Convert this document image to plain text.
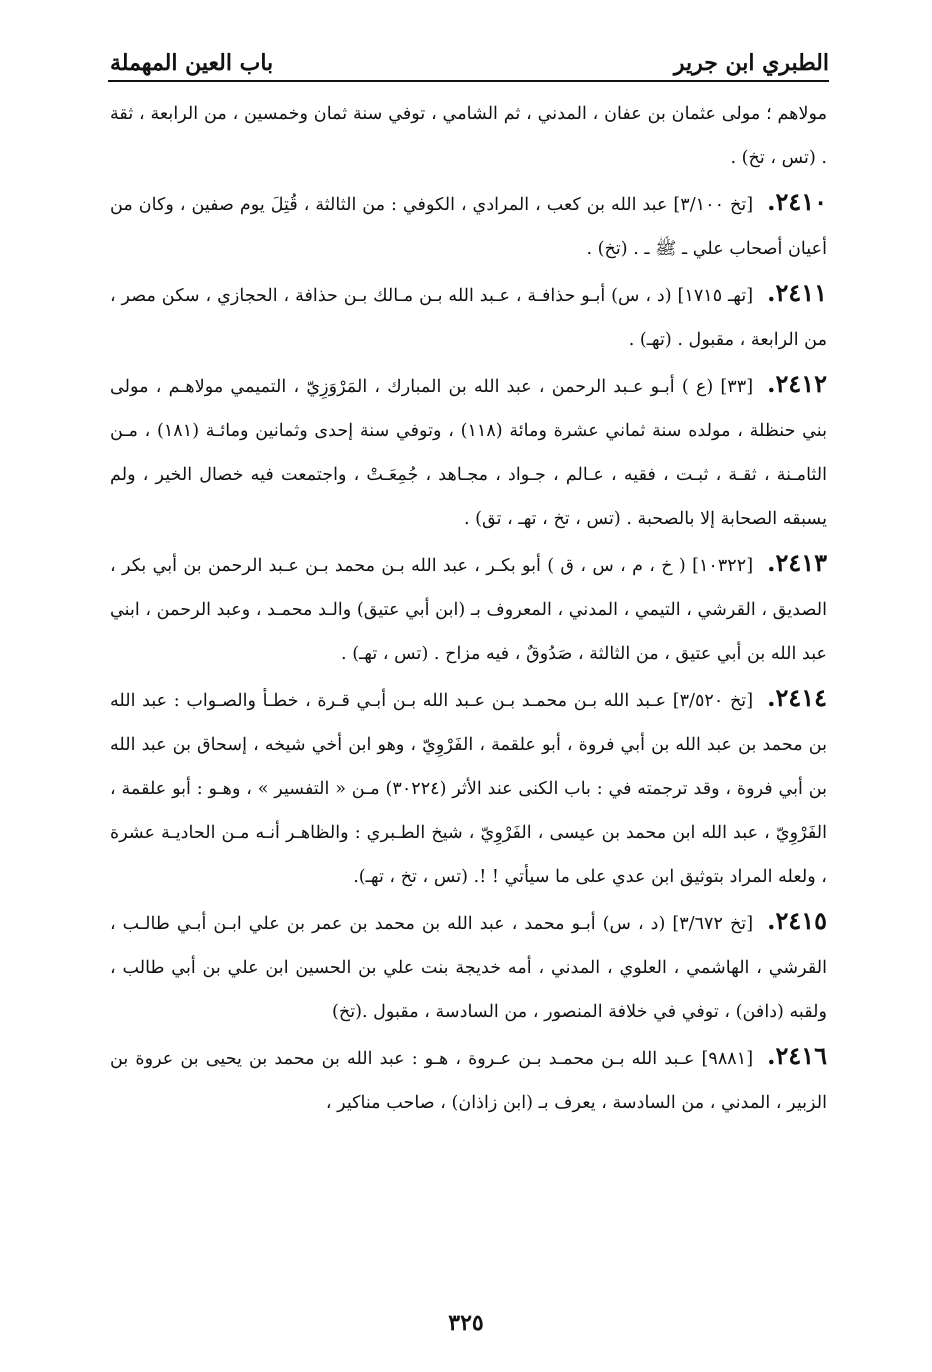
الطبري ابن جرير
باب العين المهملة

مولاهم ؛ مولى عثمان بن عفان ، المدني ، ثم الشامي ، توفي سنة ثمان وخمسين ، من الرابعة ، ثقة . (تس ، تخ) .

٢٤١٠.[تخ ٣/١٠٠] عبد الله بن كعب ، المرادي ، الكوفي : من الثالثة ، قُتِلَ يوم صفين ، وكان من أعيان أصحاب علي ـ ﷺ ـ . (تخ) .

٢٤١١.[تهـ ١٧١٥] (د ، س) أبـو حذافـة ، عـبد الله بـن مـالك بـن حذافة ، الحجازي ، سكن مصر ، من الرابعة ، مقبول . (تهـ) .

٢٤١٢.[٣٣] (ع ) أبـو عـبد الرحمن ، عبد الله بن المبارك ، المَرْوَزِيّ ، التميمي مولاهـم ، مولى بني حنظلة ، مولده سنة ثماني عشرة ومائة (١١٨) ، وتوفي سنة إحدى وثمانين ومائـة (١٨١) ، مـن الثامـنة ، ثقـة ، ثبـت ، فقيه ، عـالم ، جـواد ، مجـاهد ، جُمِعَـتْ ، واجتمعت فيه خصال الخير ، ولم يسبقه الصحابة إلا بالصحبة . (تس ، تخ ، تهـ ، تق) .

٢٤١٣.[١٠٣٢٢] ( خ ، م ، س ، ق ) أبو بكـر ، عبد الله بـن محمد بـن عـبد الرحمن بن أبي بكر ، الصديق ، القرشي ، التيمي ، المدني ، المعروف بـ (ابن أبي عتيق) والـد محمـد ، وعبد الرحمن ، ابني عبد الله بن أبي عتيق ، من الثالثة ، صَدُوقٌ ، فيه مزاح . (تس ، تهـ) .

٢٤١٤.[تخ ٣/٥٢٠] عـبد الله بـن محمـد بـن عـبد الله بـن أبـي قـرة ، خطـأ والصـواب : عبد الله بن محمد بن عبد الله بن أبي فروة ، أبو علقمة ، الفَرْوِيّ ، وهو ابن أخي شيخه ، إسحاق بن عبد الله بن أبي فروة ، وقد ترجمته في : باب الكنى عند الأثر (٣٠٢٢٤) مـن « التفسير » ، وهـو : أبو علقمة ، الفَرْوِيّ ، عبد الله ابن محمد بن عيسى ، الفَرْوِيّ ، شيخ الطـبري : والظاهـر أنـه مـن الحاديـة عشرة ، ولعله المراد بتوثيق ابن عدي على ما سيأتي ! !. (تس ، تخ ، تهـ).

٢٤١٥.[تخ ٣/٦٧٢] (د ، س) أبـو محمد ، عبد الله بن محمد بن عمر بن علي ابـن أبـي طالـب ، القرشي ، الهاشمي ، العلوي ، المدني ، أمه خديجة بنت علي بن الحسين ابن علي بن أبي طالب ، ولقبه (دافن) ، توفي في خلافة المنصور ، من السادسة ، مقبول .(تخ)

٢٤١٦.[٩٨٨١] عـبد الله بـن محمـد بـن عـروة ، هـو : عبد الله بن محمد بن يحيى بن عروة بن الزبير ، المدني ، من السادسة ، يعرف بـ (ابن زاذان) ، صاحب مناكير ،

٣٢٥
